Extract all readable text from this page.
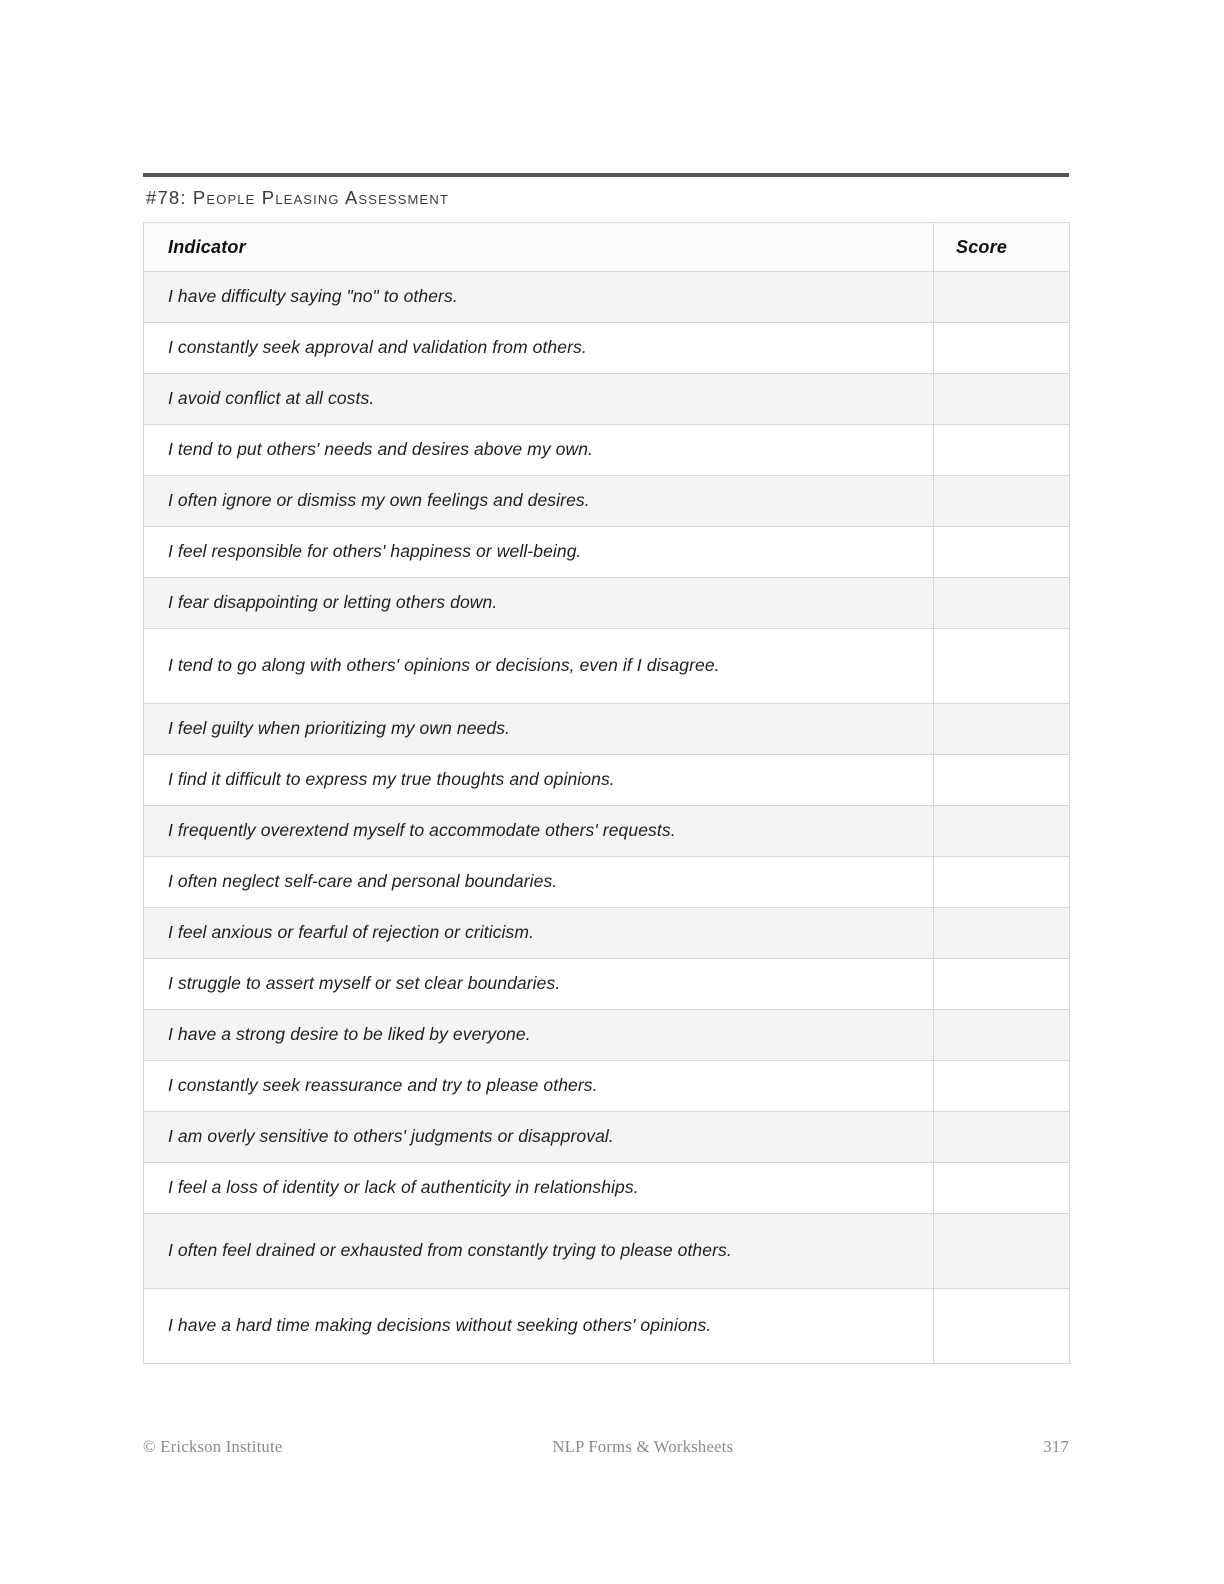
#78: People Pleasing Assessment
Indicator	Score
I have difficulty saying "no" to others.	
I constantly seek approval and validation from others.	
I avoid conflict at all costs.	
I tend to put others' needs and desires above my own.	
I often ignore or dismiss my own feelings and desires.	
I feel responsible for others' happiness or well-being.	
I fear disappointing or letting others down.	
I tend to go along with others' opinions or decisions, even if I disagree.	
I feel guilty when prioritizing my own needs.	
I find it difficult to express my true thoughts and opinions.	
I frequently overextend myself to accommodate others' requests.	
I often neglect self-care and personal boundaries.	
I feel anxious or fearful of rejection or criticism.	
I struggle to assert myself or set clear boundaries.	
I have a strong desire to be liked by everyone.	
I constantly seek reassurance and try to please others.	
I am overly sensitive to others' judgments or disapproval.	
I feel a loss of identity or lack of authenticity in relationships.	
I often feel drained or exhausted from constantly trying to please others.	
I have a hard time making decisions without seeking others' opinions.	
© Erickson Institute	NLP Forms & Worksheets	317
